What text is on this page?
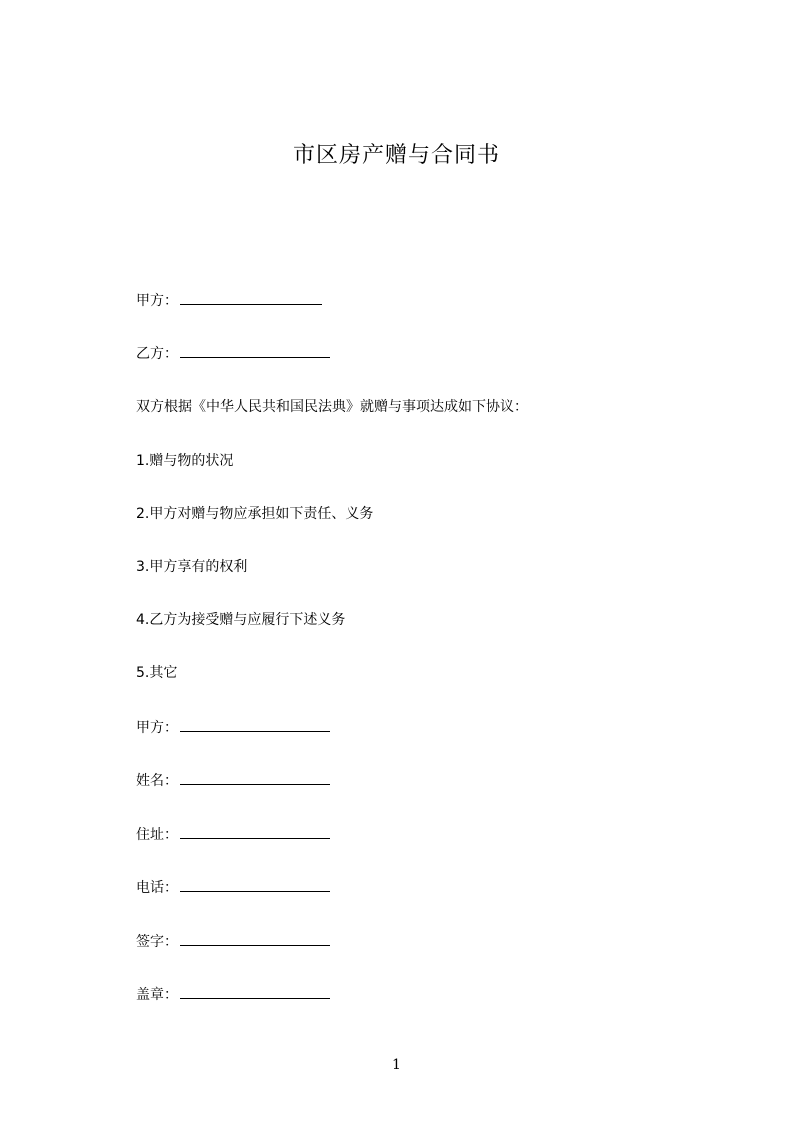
市区房产赠与合同书
甲方：
乙方：
双方根据《中华人民共和国民法典》就赠与事项达成如下协议：
1.赠与物的状况
2.甲方对赠与物应承担如下责任、义务
3.甲方享有的权利
4.乙方为接受赠与应履行下述义务
5.其它
甲方：
姓名：
住址：
电话：
签字：
盖章：
1
